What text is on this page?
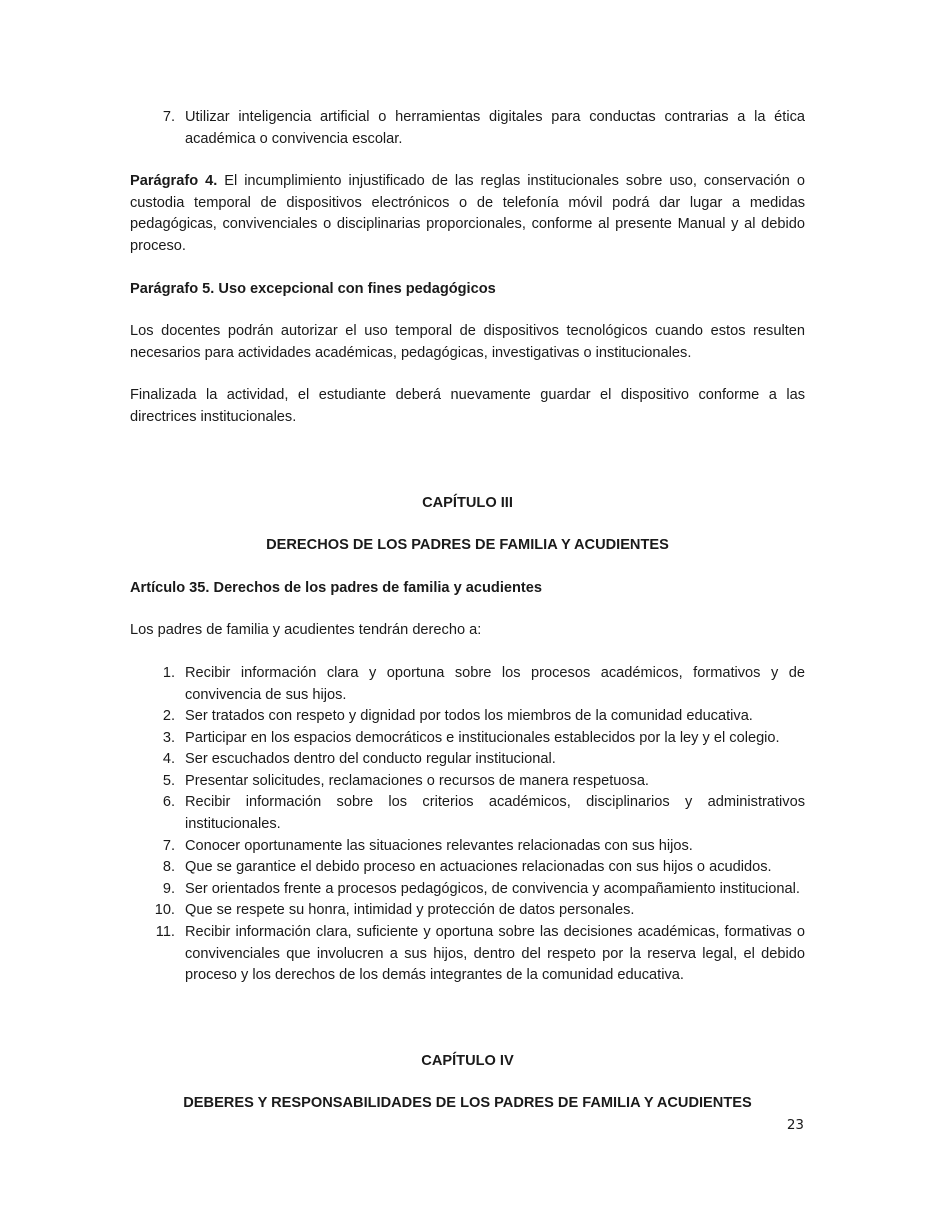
7. Utilizar inteligencia artificial o herramientas digitales para conductas contrarias a la ética académica o convivencia escolar.

Parágrafo 4. El incumplimiento injustificado de las reglas institucionales sobre uso, conservación o custodia temporal de dispositivos electrónicos o de telefonía móvil podrá dar lugar a medidas pedagógicas, convivenciales o disciplinarias proporcionales, conforme al presente Manual y al debido proceso.

Parágrafo 5. Uso excepcional con fines pedagógicos

Los docentes podrán autorizar el uso temporal de dispositivos tecnológicos cuando estos resulten necesarios para actividades académicas, pedagógicas, investigativas o institucionales.

Finalizada la actividad, el estudiante deberá nuevamente guardar el dispositivo conforme a las directrices institucionales.

CAPÍTULO III

DERECHOS DE LOS PADRES DE FAMILIA Y ACUDIENTES

Artículo 35. Derechos de los padres de familia y acudientes

Los padres de familia y acudientes tendrán derecho a:

1. Recibir información clara y oportuna sobre los procesos académicos, formativos y de convivencia de sus hijos.
2. Ser tratados con respeto y dignidad por todos los miembros de la comunidad educativa.
3. Participar en los espacios democráticos e institucionales establecidos por la ley y el colegio.
4. Ser escuchados dentro del conducto regular institucional.
5. Presentar solicitudes, reclamaciones o recursos de manera respetuosa.
6. Recibir información sobre los criterios académicos, disciplinarios y administrativos institucionales.
7. Conocer oportunamente las situaciones relevantes relacionadas con sus hijos.
8. Que se garantice el debido proceso en actuaciones relacionadas con sus hijos o acudidos.
9. Ser orientados frente a procesos pedagógicos, de convivencia y acompañamiento institucional.
10. Que se respete su honra, intimidad y protección de datos personales.
11. Recibir información clara, suficiente y oportuna sobre las decisiones académicas, formativas o convivenciales que involucren a sus hijos, dentro del respeto por la reserva legal, el debido proceso y los derechos de los demás integrantes de la comunidad educativa.

CAPÍTULO IV

DEBERES Y RESPONSABILIDADES DE LOS PADRES DE FAMILIA Y ACUDIENTES

23
